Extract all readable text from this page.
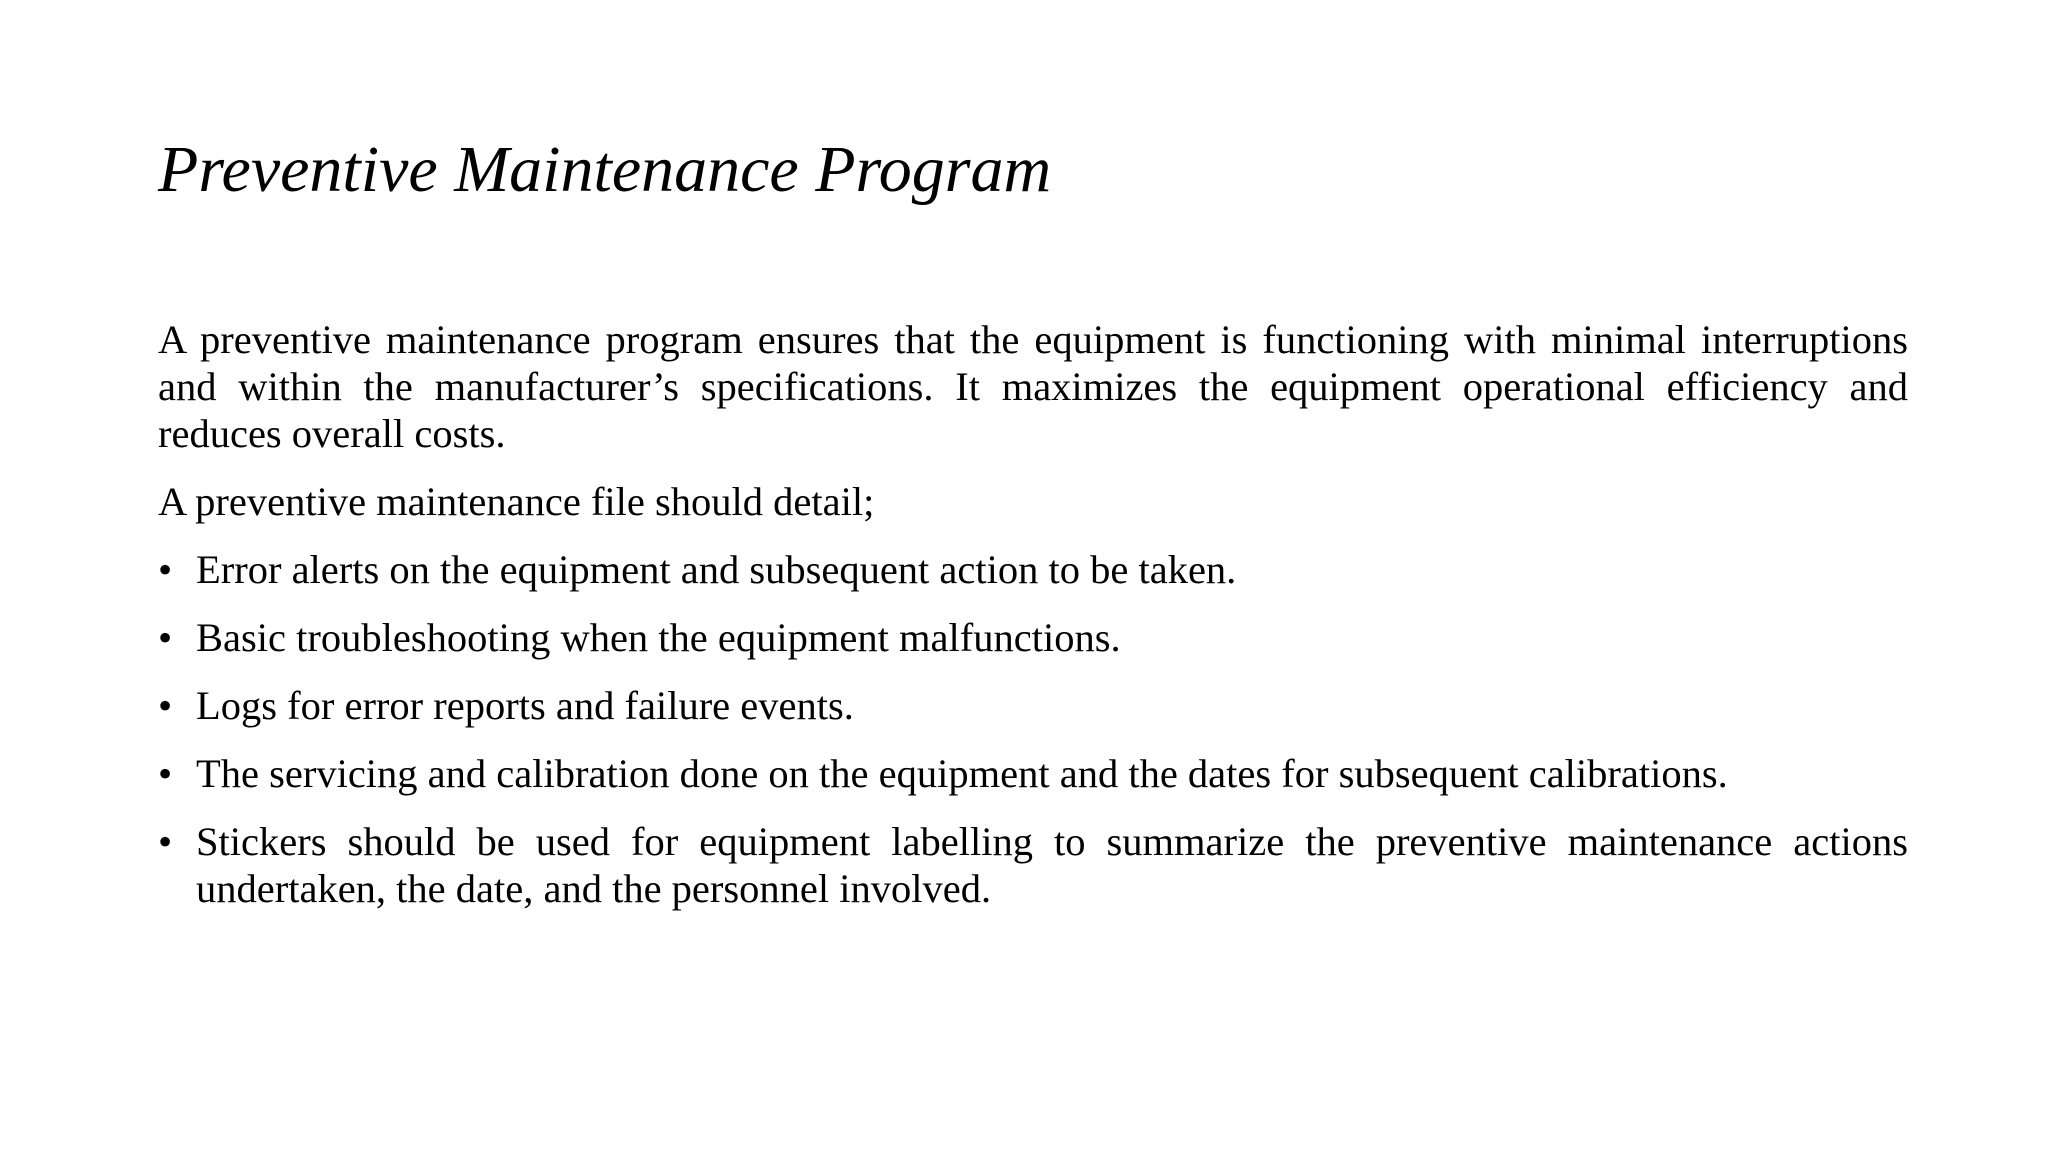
Preventive Maintenance Program

A preventive maintenance program ensures that the equipment is functioning with minimal interruptions and within the manufacturer’s specifications. It maximizes the equipment operational efficiency and reduces overall costs.

A preventive maintenance file should detail;

• Error alerts on the equipment and subsequent action to be taken.
• Basic troubleshooting when the equipment malfunctions.
• Logs for error reports and failure events.
• The servicing and calibration done on the equipment and the dates for subsequent calibrations.
• Stickers should be used for equipment labelling to summarize the preventive maintenance actions undertaken, the date, and the personnel involved.
